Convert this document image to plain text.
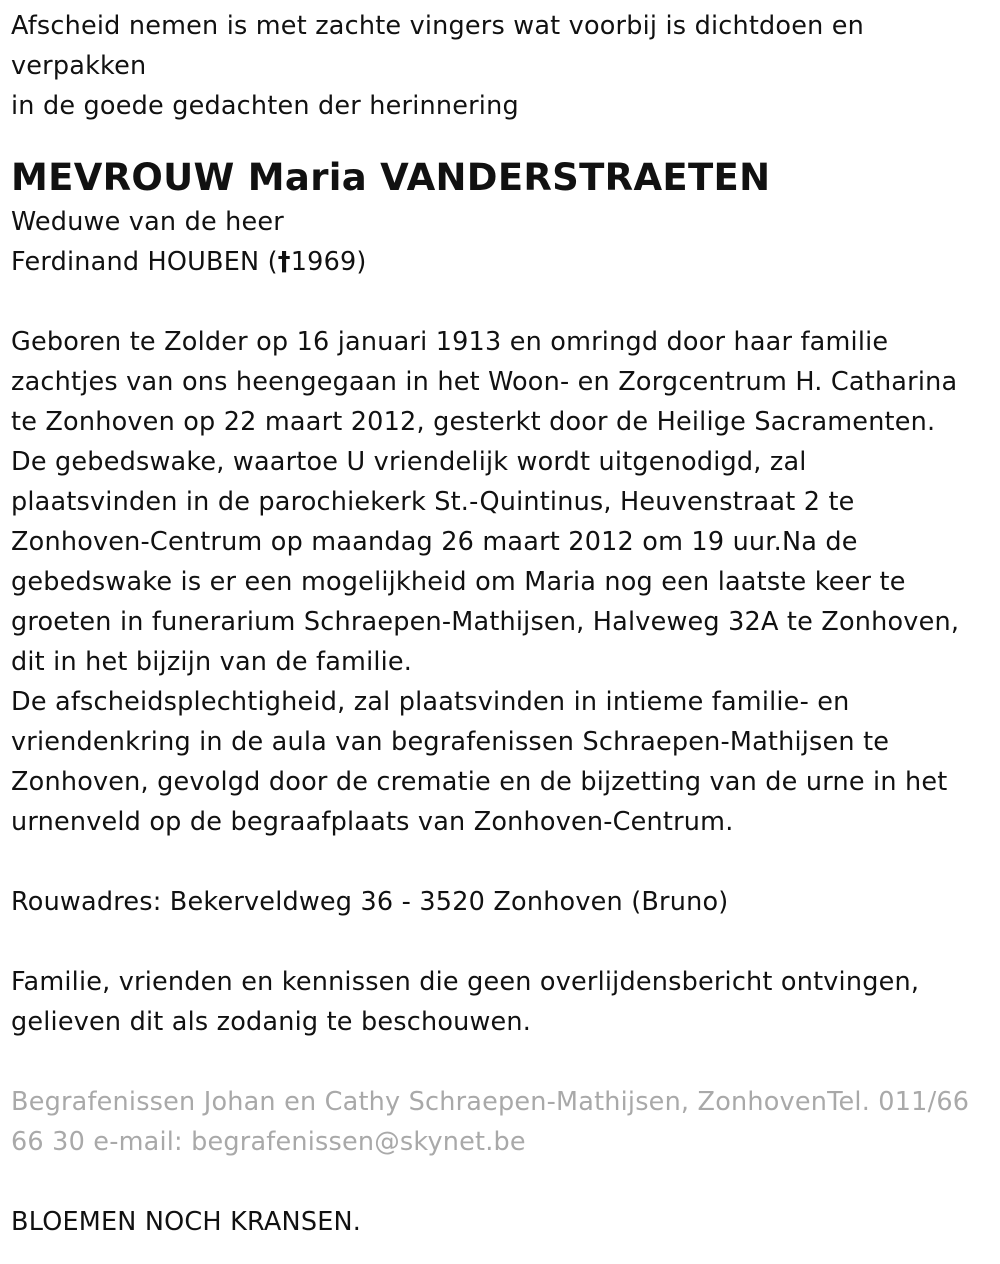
Afscheid nemen is met zachte vingers wat voorbij is dichtdoen en
verpakken
in de goede gedachten der herinnering
MEVROUW Maria VANDERSTRAETEN
Weduwe van de heer
Ferdinand HOUBEN (†1969)
Geboren te Zolder op 16 januari 1913 en omringd door haar familie
zachtjes van ons heengegaan in het Woon- en Zorgcentrum H. Catharina
te Zonhoven op 22 maart 2012, gesterkt door de Heilige Sacramenten.
De gebedswake, waartoe U vriendelijk wordt uitgenodigd, zal
plaatsvinden in de parochiekerk St.-Quintinus, Heuvenstraat 2 te
Zonhoven-Centrum op maandag 26 maart 2012 om 19 uur.Na de
gebedswake is er een mogelijkheid om Maria nog een laatste keer te
groeten in funerarium Schraepen-Mathijsen, Halveweg 32A te Zonhoven,
dit in het bijzijn van de familie.
De afscheidsplechtigheid, zal plaatsvinden in intieme familie- en
vriendenkring in de aula van begrafenissen Schraepen-Mathijsen te
Zonhoven, gevolgd door de crematie en de bijzetting van de urne in het
urnenveld op de begraafplaats van Zonhoven-Centrum.
Rouwadres: Bekerveldweg 36 - 3520 Zonhoven (Bruno)
Familie, vrienden en kennissen die geen overlijdensbericht ontvingen,
gelieven dit als zodanig te beschouwen.
Begrafenissen Johan en Cathy Schraepen-Mathijsen, ZonhovenTel. 011/66
66 30 e-mail: begrafenissen@skynet.be
BLOEMEN NOCH KRANSEN.
